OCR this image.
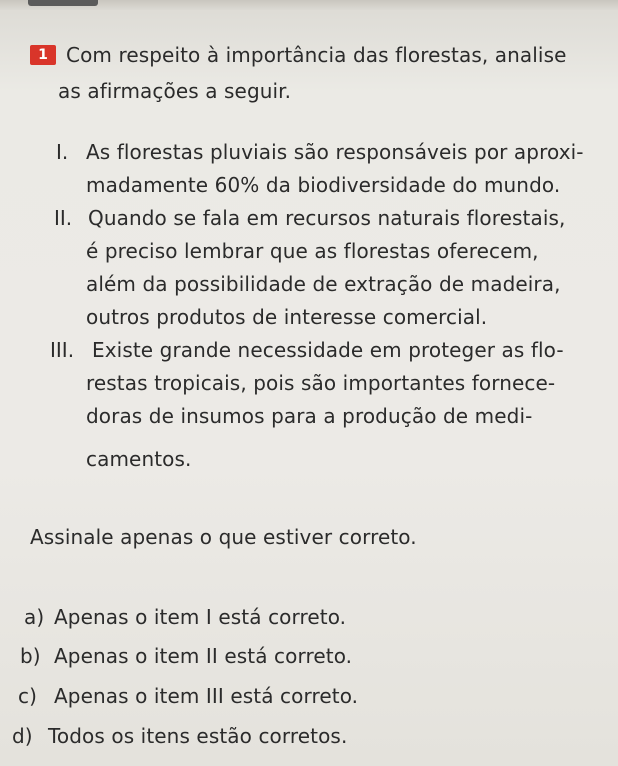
1 Com respeito à importância das florestas, analise
as afirmações a seguir.
I. As florestas pluviais são responsáveis por aproxi-
madamente 60% da biodiversidade do mundo.
II. Quando se fala em recursos naturais florestais,
é preciso lembrar que as florestas oferecem,
além da possibilidade de extração de madeira,
outros produtos de interesse comercial.
III. Existe grande necessidade em proteger as flo-
restas tropicais, pois são importantes fornece-
doras de insumos para a produção de medi-
camentos.
Assinale apenas o que estiver correto.
a) Apenas o item I está correto.
b) Apenas o item II está correto.
c) Apenas o item III está correto.
d) Todos os itens estão corretos.
